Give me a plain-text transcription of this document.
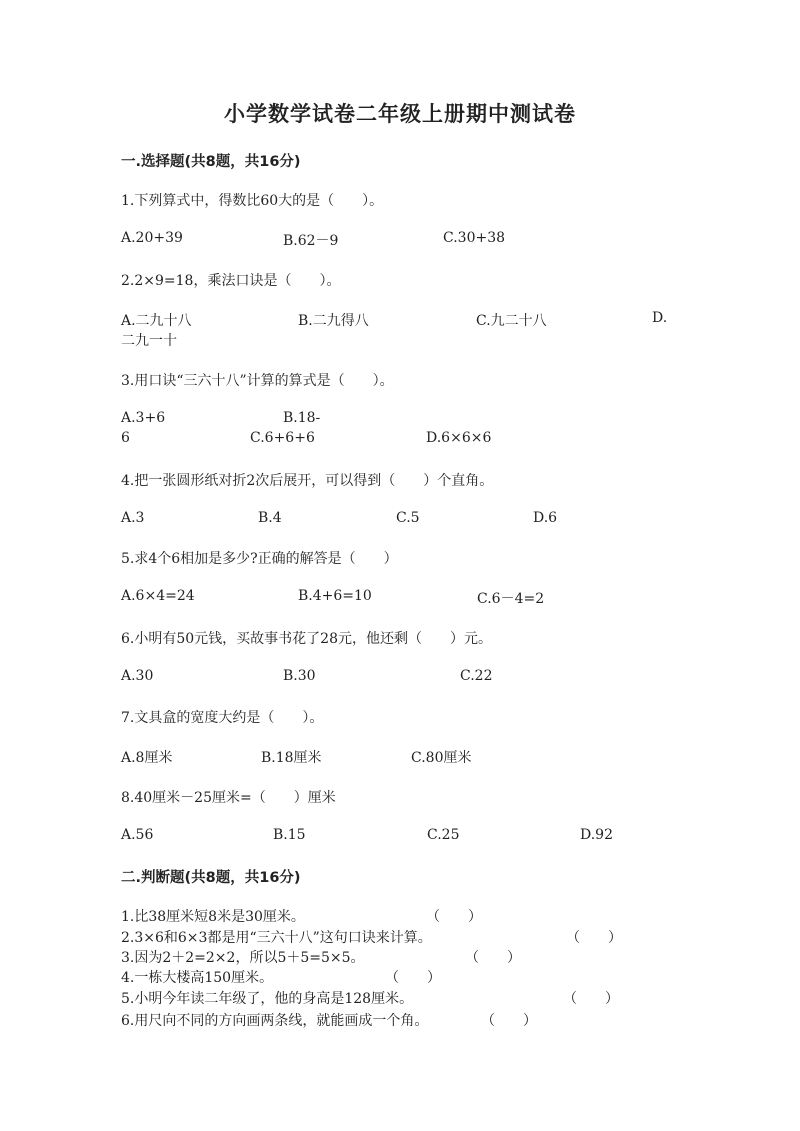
小学数学试卷二年级上册期中测试卷
一.选择题(共8题，共16分)
1.下列算式中，得数比60大的是（　　）。
A.20+39	B.62－9	C.30+38
2.2×9=18，乘法口诀是（　　）。
A.二九十八	B.二九得八	C.九二十八	D.
二九一十
3.用口诀“三六十八”计算的算式是（　　）。
A.3+6	B.18-
6	C.6+6+6	D.6×6×6
4.把一张圆形纸对折2次后展开，可以得到（　　）个直角。
A.3	B.4	C.5	D.6
5.求4个6相加是多少?正确的解答是（　　）
A.6×4=24	B.4+6=10	C.6－4=2
6.小明有50元钱，买故事书花了28元，他还剩（　　）元。
A.30	B.30	C.22
7.文具盒的宽度大约是（　　）。
A.8厘米	B.18厘米	C.80厘米
8.40厘米－25厘米=（　　）厘米
A.56	B.15	C.25	D.92
二.判断题(共8题，共16分)
1.比38厘米短8米是30厘米。	（　　）
2.3×6和6×3都是用“三六十八”这句口诀来计算。	（　　）
3.因为2＋2=2×2，所以5＋5=5×5。	（　　）
4.一栋大楼高150厘米。	（　　）
5.小明今年读二年级了，他的身高是128厘米。	（　　）
6.用尺向不同的方向画两条线，就能画成一个角。	（　　）
